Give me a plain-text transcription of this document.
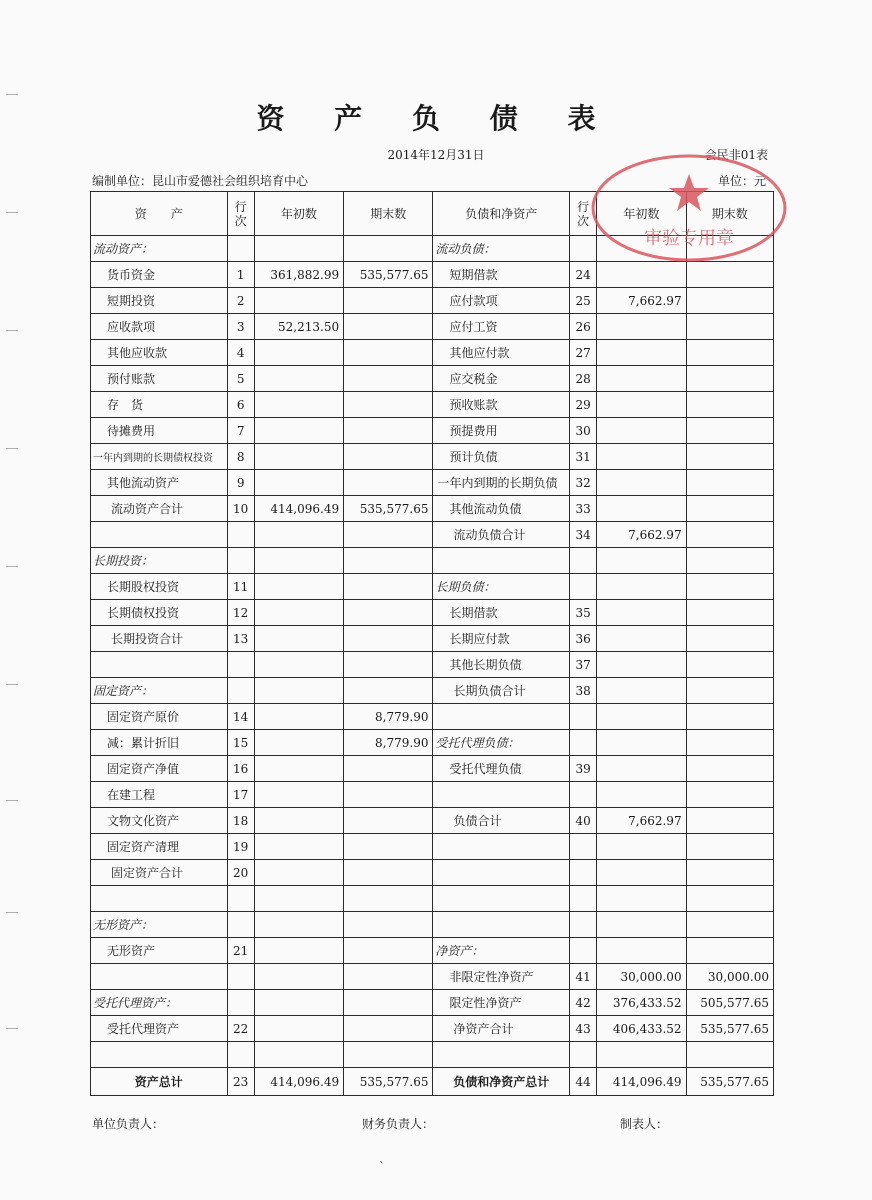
资 产 负 债 表
2014年12月31日	会民非01表
编制单位：昆山市爱德社会组织培育中心	单位：元
资　　产	行次	年初数	期末数	负债和净资产	行次	年初数	期末数
流动资产：				流动负债：			
货币资金	1	361,882.99	535,577.65	短期借款	24		
短期投资	2			应付款项	25	7,662.97	
应收款项	3	52,213.50		应付工资	26		
其他应收款	4			其他应付款	27		
预付账款	5			应交税金	28		
存　货	6			预收账款	29		
待摊费用	7			预提费用	30		
一年内到期的长期债权投资	8			预计负债	31		
其他流动资产	9			一年内到期的长期负债	32		
流动资产合计	10	414,096.49	535,577.65	其他流动负债	33		
				流动负债合计	34	7,662.97	
长期投资：							
长期股权投资	11			长期负债：			
长期债权投资	12			长期借款	35		
长期投资合计	13			长期应付款	36		
				其他长期负债	37		
固定资产：				长期负债合计	38		
固定资产原价	14		8,779.90				
减：累计折旧	15		8,779.90	受托代理负债：			
固定资产净值	16			受托代理负债	39		
在建工程	17						
文物文化资产	18			负债合计	40	7,662.97	
固定资产清理	19						
固定资产合计	20						

无形资产：							
无形资产	21			净资产：			
				非限定性净资产	41	30,000.00	30,000.00
受托代理资产：				限定性净资产	42	376,433.52	505,577.65
受托代理资产	22			净资产合计	43	406,433.52	535,577.65

资产总计	23	414,096.49	535,577.65	负债和净资产总计	44	414,096.49	535,577.65
审验专用章
单位负责人：	财务负责人：	制表人：
`
